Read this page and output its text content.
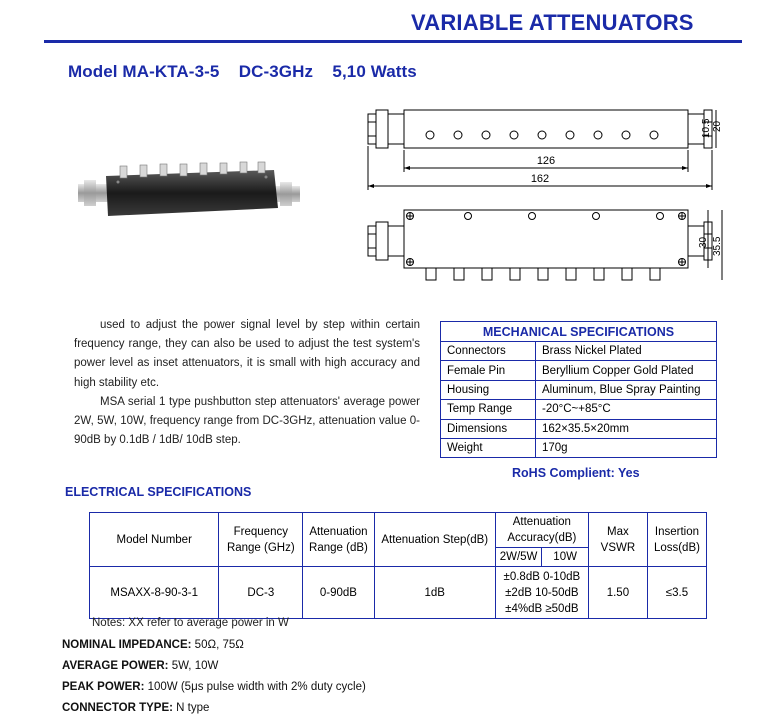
VARIABLE ATTENUATORS
Model MA-KTA-3-5    DC-3GHz    5,10 Watts
126
162
10.5 20
30 35.5

used to adjust the power signal level by step within certain frequency range, they can also be used to adjust the test system's power level as inset attenuators, it is small with high accuracy and high stability etc.

MSA serial 1 type pushbutton step attenuators' average power 2W, 5W, 10W, frequency range from DC-3GHz, attenuation value 0-90dB by 0.1dB / 1dB/ 10dB step.

MECHANICAL SPECIFICATIONS	
Connectors	Brass Nickel Plated
Female Pin	Beryllium Copper Gold Plated
Housing	Aluminum, Blue Spray Painting
Temp Range	-20°C~+85°C
Dimensions	162×35.5×20mm
Weight	170g
RoHS Complient: Yes
ELECTRICAL SPECIFICATIONS
Model Number	Frequency Range (GHz)	Attenuation Range (dB)	Attenuation Step(dB)	Attenuation Accuracy(dB)		Max VSWR	Insertion Loss(dB)
				2W/5W	10W		
MSAXX-8-90-3-1	DC-3	0-90dB	1dB	±0.8dB 0-10dB
±2dB 10-50dB
±4%dB ≥50dB		1.50	≤3.5
Notes: XX refer to average power in W
NOMINAL IMPEDANCE: 50Ω, 75Ω
AVERAGE POWER: 5W, 10W
PEAK POWER: 100W (5μs pulse width with 2% duty cycle)
CONNECTOR TYPE: N type
